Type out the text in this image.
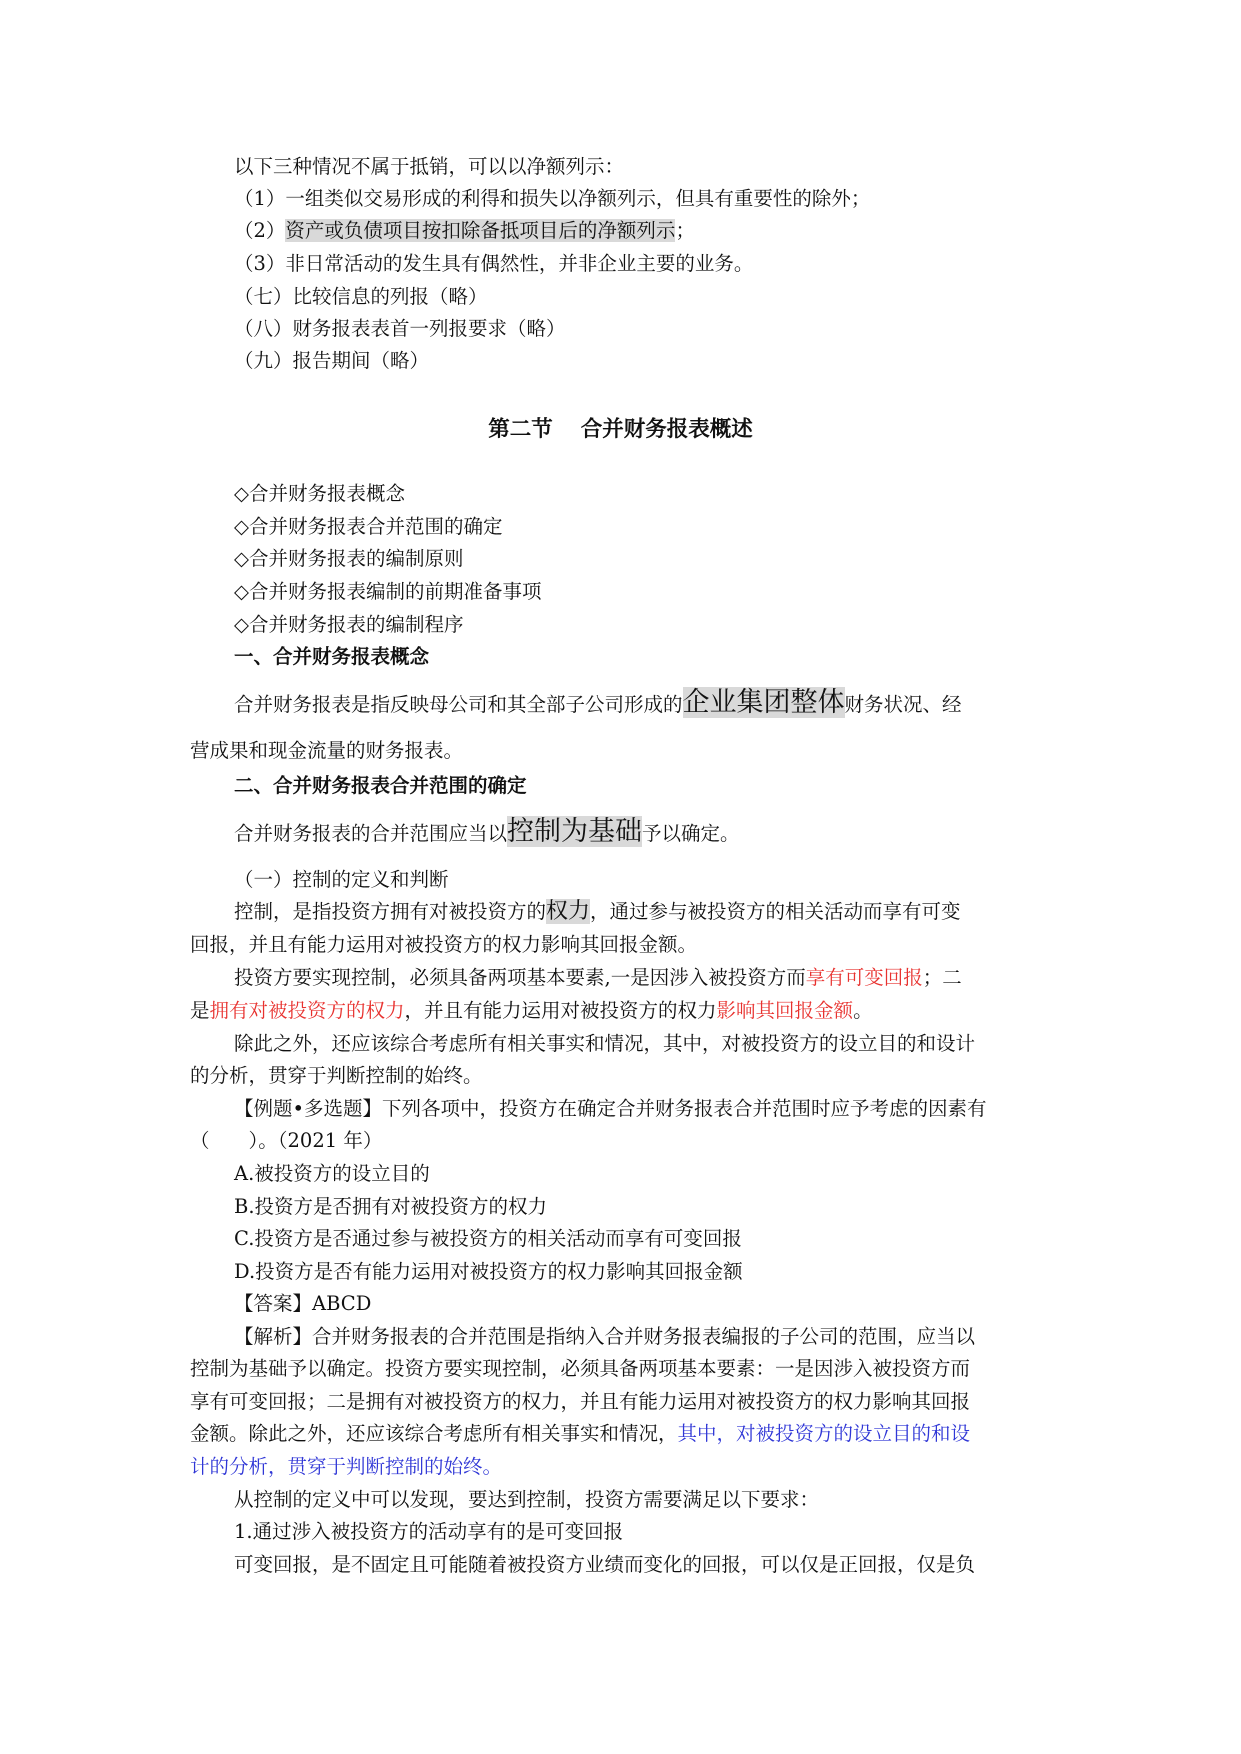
以下三种情况不属于抵销，可以以净额列示：
（1）一组类似交易形成的利得和损失以净额列示，但具有重要性的除外；
（2）资产或负债项目按扣除备抵项目后的净额列示；
（3）非日常活动的发生具有偶然性，并非企业主要的业务。
（七）比较信息的列报（略）
（八）财务报表表首一列报要求（略）
（九）报告期间（略）
第二节 合并财务报表概述
◇合并财务报表概念
◇合并财务报表合并范围的确定
◇合并财务报表的编制原则
◇合并财务报表编制的前期准备事项
◇合并财务报表的编制程序
一、合并财务报表概念
合并财务报表是指反映母公司和其全部子公司形成的企业集团整体财务状况、经
营成果和现金流量的财务报表。
二、合并财务报表合并范围的确定
合并财务报表的合并范围应当以控制为基础予以确定。
（一）控制的定义和判断
控制，是指投资方拥有对被投资方的权力，通过参与被投资方的相关活动而享有可变
回报，并且有能力运用对被投资方的权力影响其回报金额。
投资方要实现控制，必须具备两项基本要素,一是因涉入被投资方而享有可变回报；二
是拥有对被投资方的权力，并且有能力运用对被投资方的权力影响其回报金额。
除此之外，还应该综合考虑所有相关事实和情况，其中，对被投资方的设立目的和设计
的分析，贯穿于判断控制的始终。
【例题•多选题】下列各项中，投资方在确定合并财务报表合并范围时应予考虑的因素有
（　　）。（2021 年）
A.被投资方的设立目的
B.投资方是否拥有对被投资方的权力
C.投资方是否通过参与被投资方的相关活动而享有可变回报
D.投资方是否有能力运用对被投资方的权力影响其回报金额
【答案】ABCD
【解析】合并财务报表的合并范围是指纳入合并财务报表编报的子公司的范围，应当以
控制为基础予以确定。投资方要实现控制，必须具备两项基本要素：一是因涉入被投资方而
享有可变回报；二是拥有对被投资方的权力，并且有能力运用对被投资方的权力影响其回报
金额。除此之外，还应该综合考虑所有相关事实和情况，其中，对被投资方的设立目的和设
计的分析，贯穿于判断控制的始终。
从控制的定义中可以发现，要达到控制，投资方需要满足以下要求：
1.通过涉入被投资方的活动享有的是可变回报
可变回报，是不固定且可能随着被投资方业绩而变化的回报，可以仅是正回报，仅是负
